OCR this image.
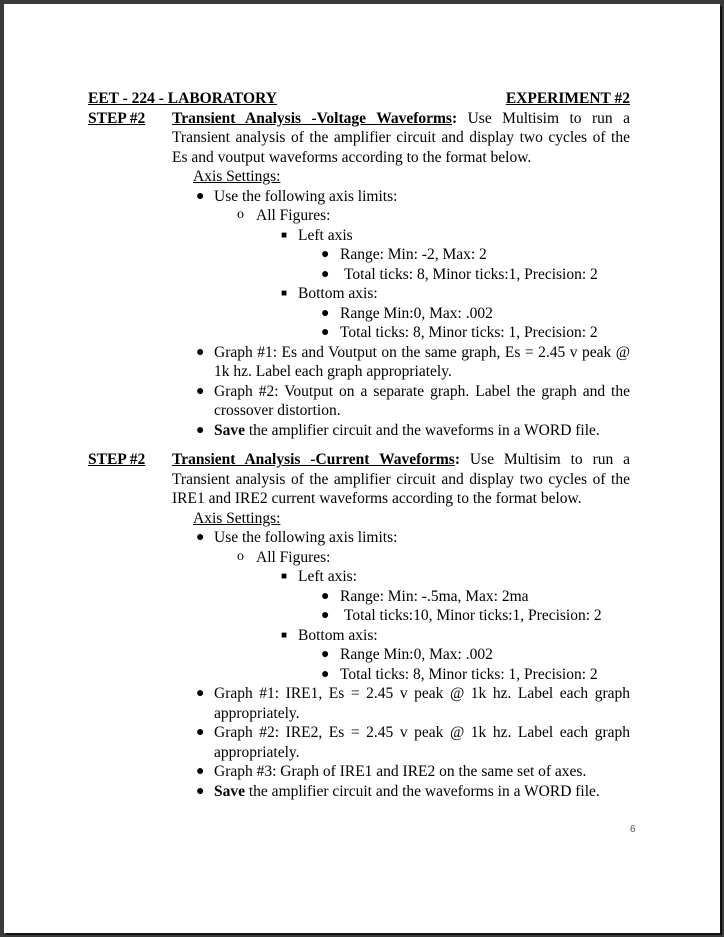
EET - 224 - LABORATORY	EXPERIMENT #2
STEP #2	Transient Analysis -Voltage Waveforms: Use Multisim to run a Transient analysis of the amplifier circuit and display two cycles of the Es and voutput waveforms according to the format below.
Axis Settings:
● Use the following axis limits:
o All Figures:
■ Left axis
● Range: Min: -2, Max: 2
● Total ticks: 8, Minor ticks:1, Precision: 2
■ Bottom axis:
● Range Min:0, Max: .002
● Total ticks: 8, Minor ticks: 1, Precision: 2
● Graph #1: Es and Voutput on the same graph, Es = 2.45 v peak @ 1k hz. Label each graph appropriately.
● Graph #2: Voutput on a separate graph. Label the graph and the crossover distortion.
● Save the amplifier circuit and the waveforms in a WORD file.
STEP #2	Transient Analysis -Current Waveforms: Use Multisim to run a Transient analysis of the amplifier circuit and display two cycles of the IRE1 and IRE2 current waveforms according to the format below.
Axis Settings:
● Use the following axis limits:
o All Figures:
■ Left axis:
● Range: Min: -.5ma, Max: 2ma
● Total ticks:10, Minor ticks:1, Precision: 2
■ Bottom axis:
● Range Min:0, Max: .002
● Total ticks: 8, Minor ticks: 1, Precision: 2
● Graph #1: IRE1, Es = 2.45 v peak @ 1k hz. Label each graph appropriately.
● Graph #2: IRE2, Es = 2.45 v peak @ 1k hz. Label each graph appropriately.
● Graph #3: Graph of IRE1 and IRE2 on the same set of axes.
● Save the amplifier circuit and the waveforms in a WORD file.
6
